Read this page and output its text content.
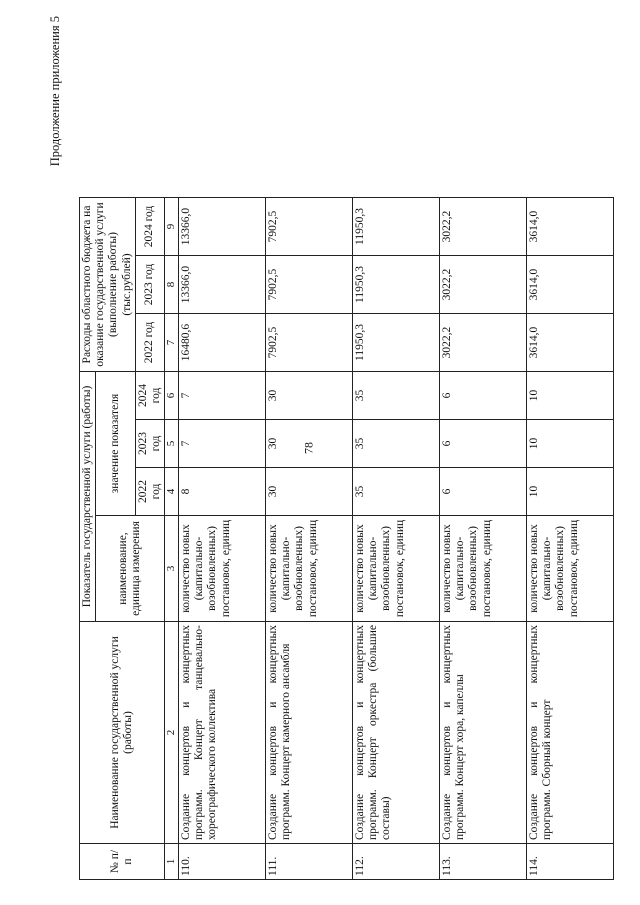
78
Продолжение приложения 5
№ п/п	Наименование государственной услуги (работы)	Показатель государственной услуги (работы)				Расходы областного бюджета на оказание государственной услуги (выполнение работы) (тыс.рублей)		
		наименование, единица измерения	значение показателя					
			2022 год	2023 год	2024 год	2022 год	2023 год	2024 год
1	2	3	4	5	6	7	8	9
110.	Создание концертов и концертных программ. Концерт танцевально-хореографического коллектива	количество новых (капитально-возобновленных) постановок, единиц	8	7	7	16480,6	13366,0	13366,0
111.	Создание концертов и концертных программ. Концерт камерного ансамбля	количество новых (капитально-возобновленных) постановок, единиц	30	30	30	7902,5	7902,5	7902,5
112.	Создание концертов и концертных программ. Концерт оркестра (большие составы)	количество новых (капитально-возобновленных) постановок, единиц	35	35	35	11950,3	11950,3	11950,3
113.	Создание концертов и концертных программ. Концерт хора, капеллы	количество новых (капитально-возобновленных) постановок, единиц	6	6	6	3022,2	3022,2	3022,2
114.	Создание концертов и концертных программ. Сборный концерт	количество новых (капитально-возобновленных) постановок, единиц	10	10	10	3614,0	3614,0	3614,0
